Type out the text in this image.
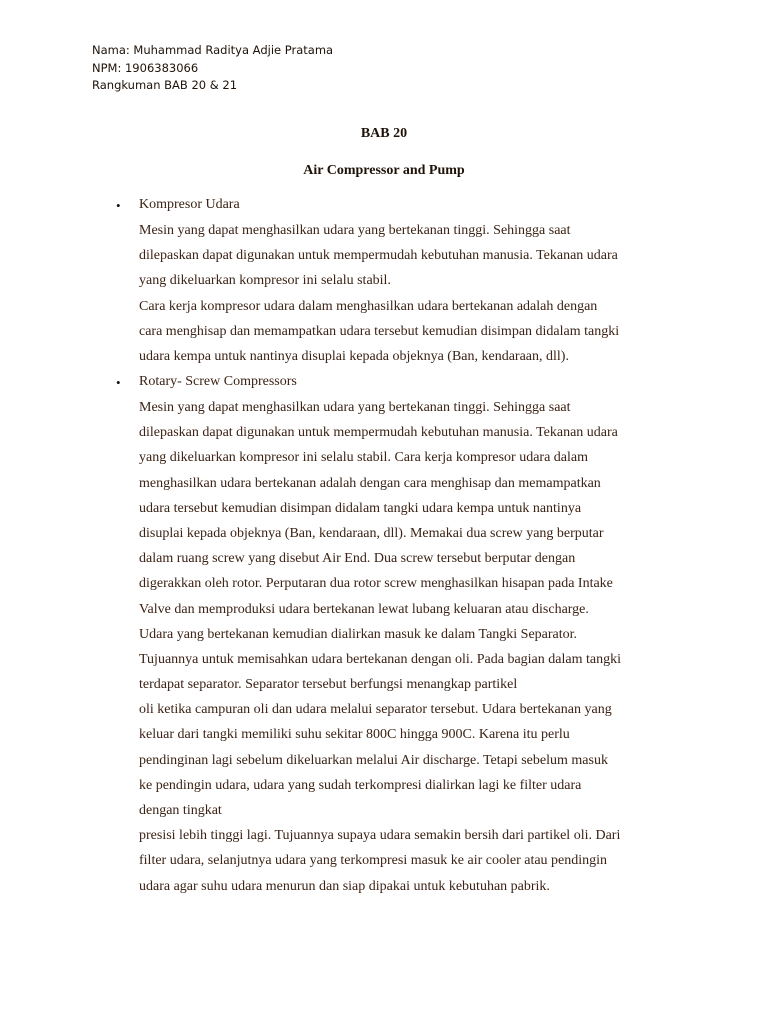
Nama: Muhammad Raditya Adjie Pratama
NPM: 1906383066
Rangkuman BAB 20 & 21
BAB 20
Air Compressor and Pump
• Kompresor Udara
Mesin yang dapat menghasilkan udara yang bertekanan tinggi. Sehingga saat
dilepaskan dapat digunakan untuk mempermudah kebutuhan manusia. Tekanan udara
yang dikeluarkan kompresor ini selalu stabil.
Cara kerja kompresor udara dalam menghasilkan udara bertekanan adalah dengan
cara menghisap dan memampatkan udara tersebut kemudian disimpan didalam tangki
udara kempa untuk nantinya disuplai kepada objeknya (Ban, kendaraan, dll).
• Rotary- Screw Compressors
Mesin yang dapat menghasilkan udara yang bertekanan tinggi. Sehingga saat
dilepaskan dapat digunakan untuk mempermudah kebutuhan manusia. Tekanan udara
yang dikeluarkan kompresor ini selalu stabil. Cara kerja kompresor udara dalam
menghasilkan udara bertekanan adalah dengan cara menghisap dan memampatkan
udara tersebut kemudian disimpan didalam tangki udara kempa untuk nantinya
disuplai kepada objeknya (Ban, kendaraan, dll). Memakai dua screw yang berputar
dalam ruang screw yang disebut Air End. Dua screw tersebut berputar dengan
digerakkan oleh rotor. Perputaran dua rotor screw menghasilkan hisapan pada Intake
Valve dan memproduksi udara bertekanan lewat lubang keluaran atau discharge.
Udara yang bertekanan kemudian dialirkan masuk ke dalam Tangki Separator.
Tujuannya untuk memisahkan udara bertekanan dengan oli. Pada bagian dalam tangki
terdapat separator. Separator tersebut berfungsi menangkap partikel
oli ketika campuran oli dan udara melalui separator tersebut. Udara bertekanan yang
keluar dari tangki memiliki suhu sekitar 800C hingga 900C. Karena itu perlu
pendinginan lagi sebelum dikeluarkan melalui Air discharge. Tetapi sebelum masuk
ke pendingin udara, udara yang sudah terkompresi dialirkan lagi ke filter udara
dengan tingkat
presisi lebih tinggi lagi. Tujuannya supaya udara semakin bersih dari partikel oli. Dari
filter udara, selanjutnya udara yang terkompresi masuk ke air cooler atau pendingin
udara agar suhu udara menurun dan siap dipakai untuk kebutuhan pabrik.
